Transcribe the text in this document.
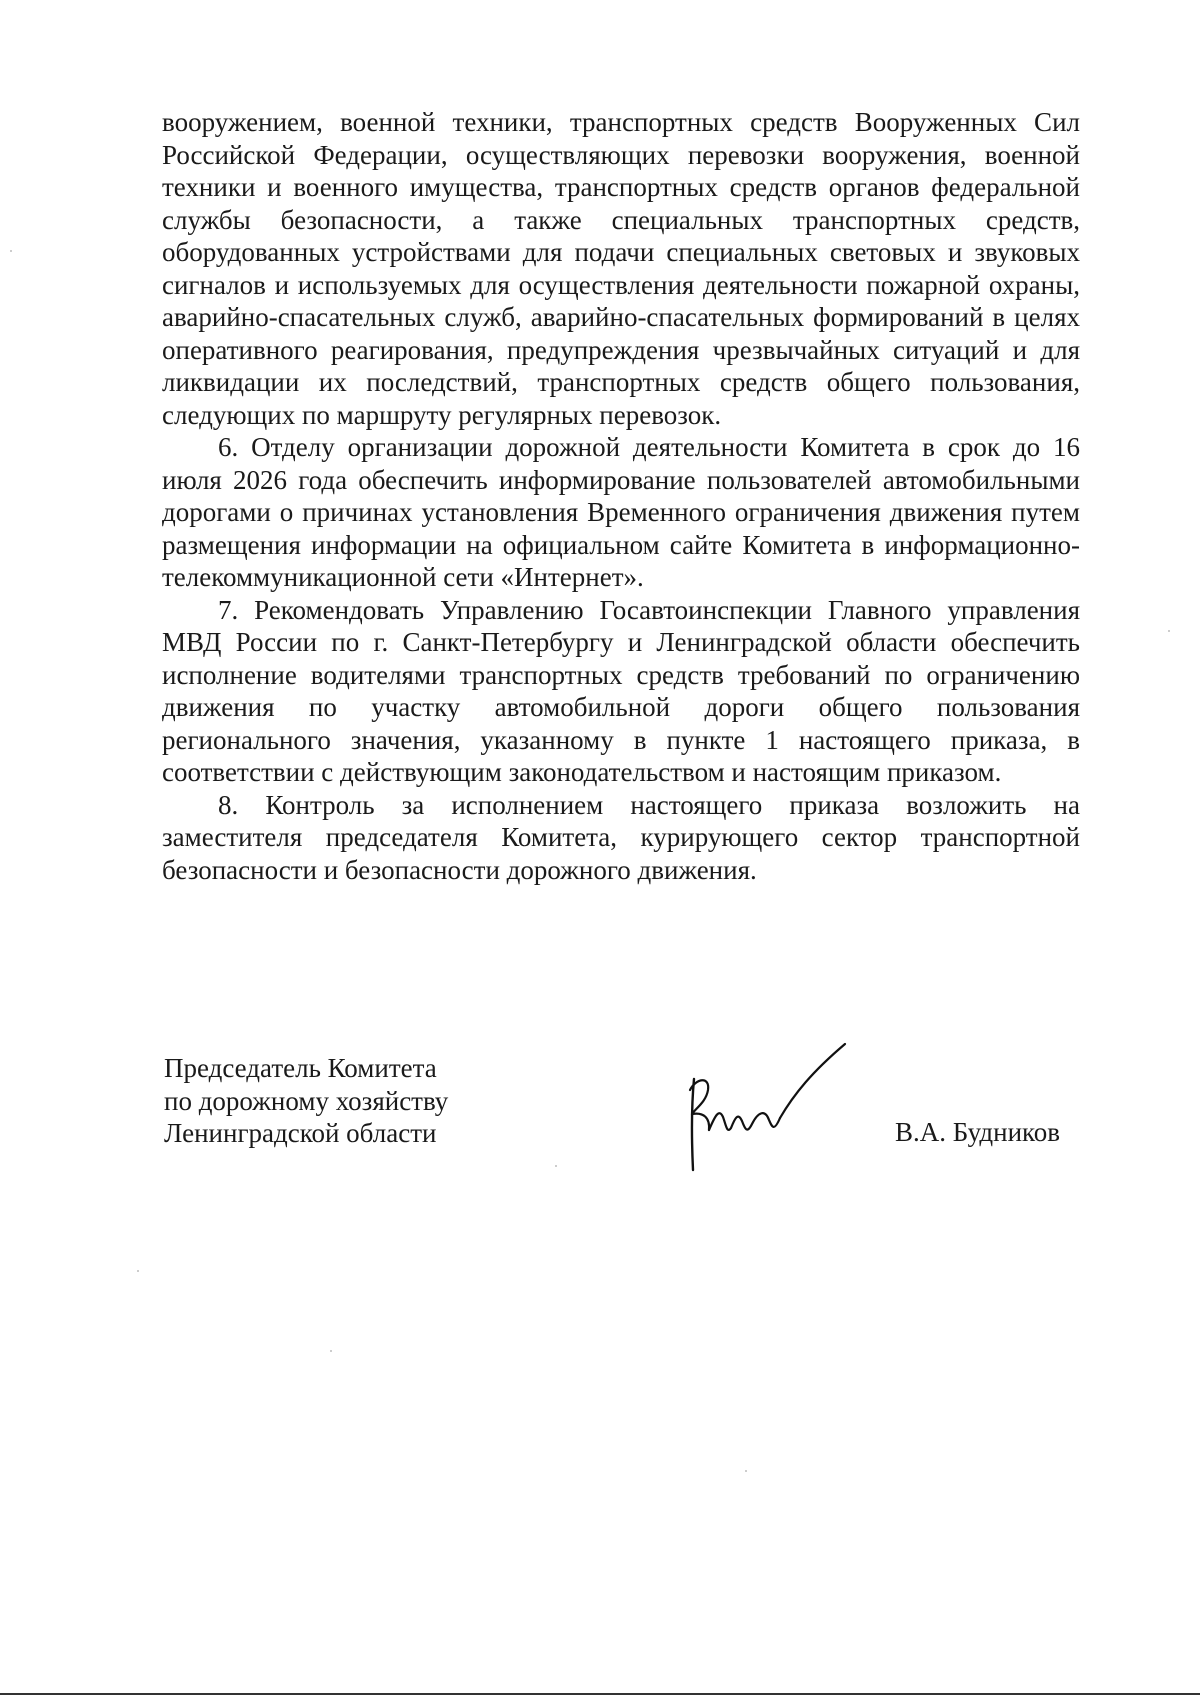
вооружением, военной техники, транспортных средств Вооруженных Сил Российской Федерации, осуществляющих перевозки вооружения, военной техники и военного имущества, транспортных средств органов федеральной службы безопасности, а также специальных транспортных средств, оборудованных устройствами для подачи специальных световых и звуковых сигналов и используемых для осуществления деятельности пожарной охраны, аварийно-спасательных служб, аварийно-спасательных формирований в целях оперативного реагирования, предупреждения чрезвычайных ситуаций и для ликвидации их последствий, транспортных средств общего пользования, следующих по маршруту регулярных перевозок.

6. Отделу организации дорожной деятельности Комитета в срок до 16 июля 2026 года обеспечить информирование пользователей автомобильными дорогами о причинах установления Временного ограничения движения путем размещения информации на официальном сайте Комитета в информационно-телекоммуникационной сети «Интернет».

7. Рекомендовать Управлению Госавтоинспекции Главного управления МВД России по г. Санкт-Петербургу и Ленинградской области обеспечить исполнение водителями транспортных средств требований по ограничению движения по участку автомобильной дороги общего пользования регионального значения, указанному в пункте 1 настоящего приказа, в соответствии с действующим законодательством и настоящим приказом.

8. Контроль за исполнением настоящего приказа возложить на заместителя председателя Комитета, курирующего сектор транспортной безопасности и безопасности дорожного движения.

Председатель Комитета
по дорожному хозяйству
Ленинградской области	В.А. Будников
